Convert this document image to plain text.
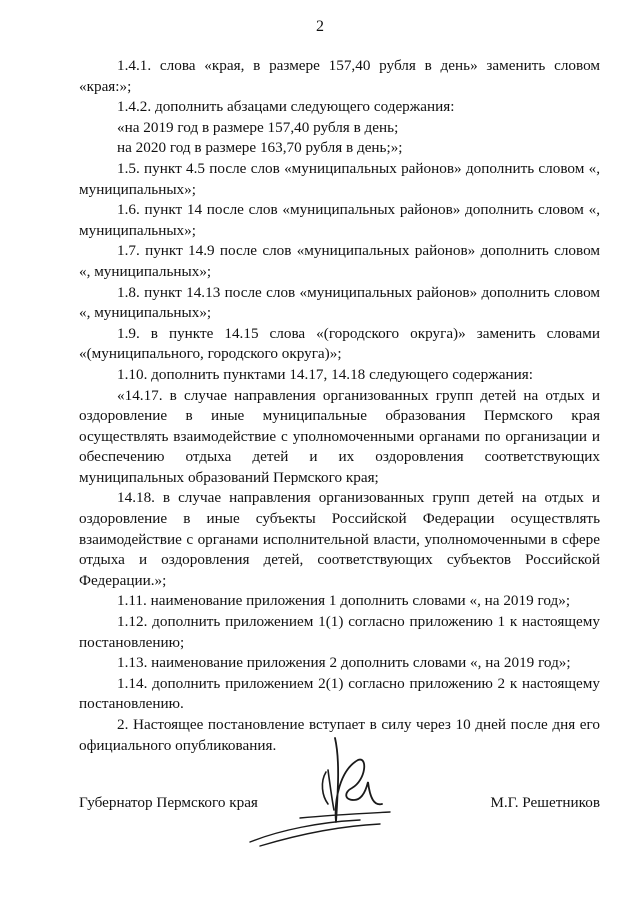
2

1.4.1. слова «края, в размере 157,40 рубля в день» заменить словом «края:»;

1.4.2. дополнить абзацами следующего содержания:

«на 2019 год в размере 157,40 рубля в день;

на 2020 год в размере 163,70 рубля в день;»;

1.5. пункт 4.5 после слов «муниципальных районов» дополнить словом «, муниципальных»;

1.6. пункт 14 после слов «муниципальных районов» дополнить словом «, муниципальных»;

1.7. пункт 14.9 после слов «муниципальных районов» дополнить словом «, муниципальных»;

1.8. пункт 14.13 после слов «муниципальных районов» дополнить словом «, муниципальных»;

1.9. в пункте 14.15 слова «(городского округа)» заменить словами «(муниципального, городского округа)»;

1.10. дополнить пунктами 14.17, 14.18 следующего содержания:

«14.17. в случае направления организованных групп детей на отдых и оздоровление в иные муниципальные образования Пермского края осуществлять взаимодействие с уполномоченными органами по организации и обеспечению отдыха детей и их оздоровления соответствующих муниципальных образований Пермского края;

14.18. в случае направления организованных групп детей на отдых и оздоровление в иные субъекты Российской Федерации осуществлять взаимодействие с органами исполнительной власти, уполномоченными в сфере отдыха и оздоровления детей, соответствующих субъектов Российской Федерации.»;

1.11. наименование приложения 1 дополнить словами «, на 2019 год»;

1.12. дополнить приложением 1(1) согласно приложению 1 к настоящему постановлению;

1.13. наименование приложения 2 дополнить словами «, на 2019 год»;

1.14. дополнить приложением 2(1) согласно приложению 2 к настоящему постановлению.

2. Настоящее постановление вступает в силу через 10 дней после дня его официального опубликования.

Губернатор Пермского края	М.Г. Решетников
